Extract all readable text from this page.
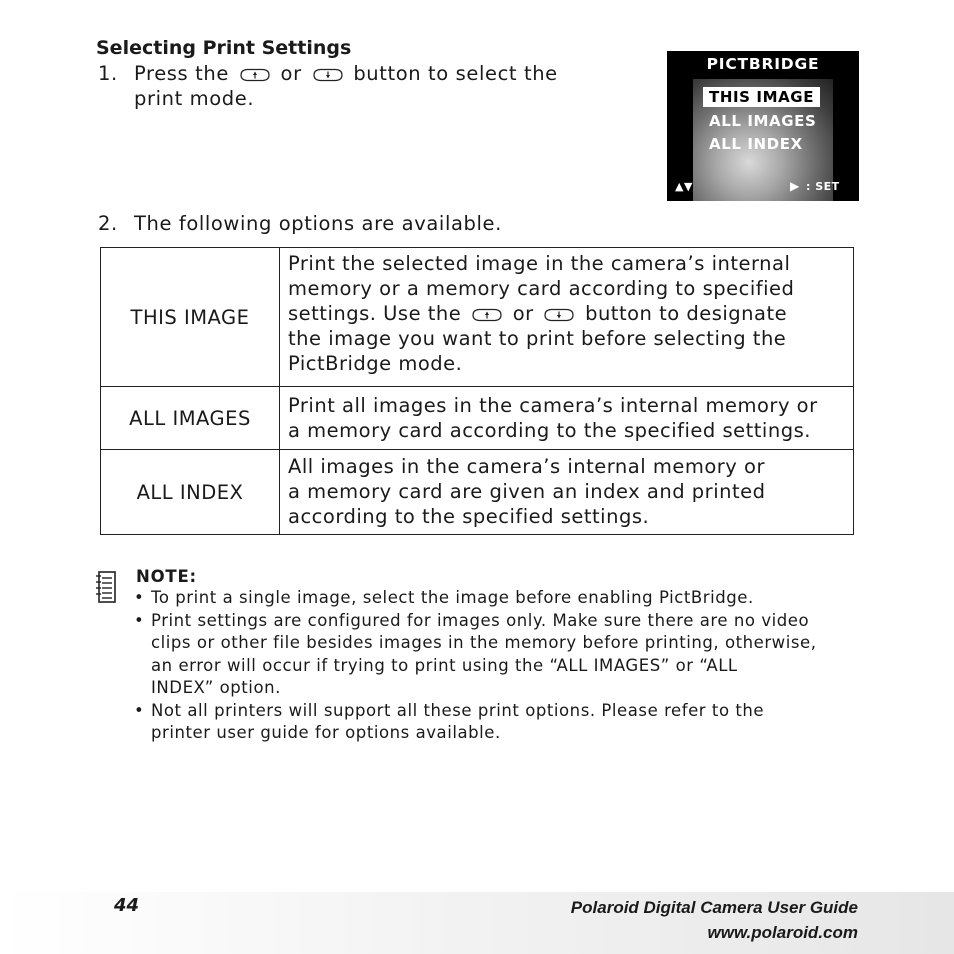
Selecting Print Settings
1. Press the	or	button to select the
print mode.
PICTBRIDGE
THIS IMAGE
ALL IMAGES
ALL INDEX
▲▼	▶ : SET
2. The following options are available.
THIS IMAGE	Print the selected image in the camera’s internal
memory or a memory card according to specified
settings. Use the or button to designate
the image you want to print before selecting the
PictBridge mode.

ALL IMAGES	Print all images in the camera’s internal memory or
a memory card according to the specified settings.

ALL INDEX	All images in the camera’s internal memory or
a memory card are given an index and printed
according to the specified settings.
NOTE:
• To print a single image, select the image before enabling PictBridge.
• Print settings are configured for images only. Make sure there are no video
clips or other file besides images in the memory before printing, otherwise,
an error will occur if trying to print using the “ALL IMAGES” or “ALL
INDEX” option.
• Not all printers will support all these print options. Please refer to the
printer user guide for options available.
44	Polaroid Digital Camera User Guide
www.polaroid.com
